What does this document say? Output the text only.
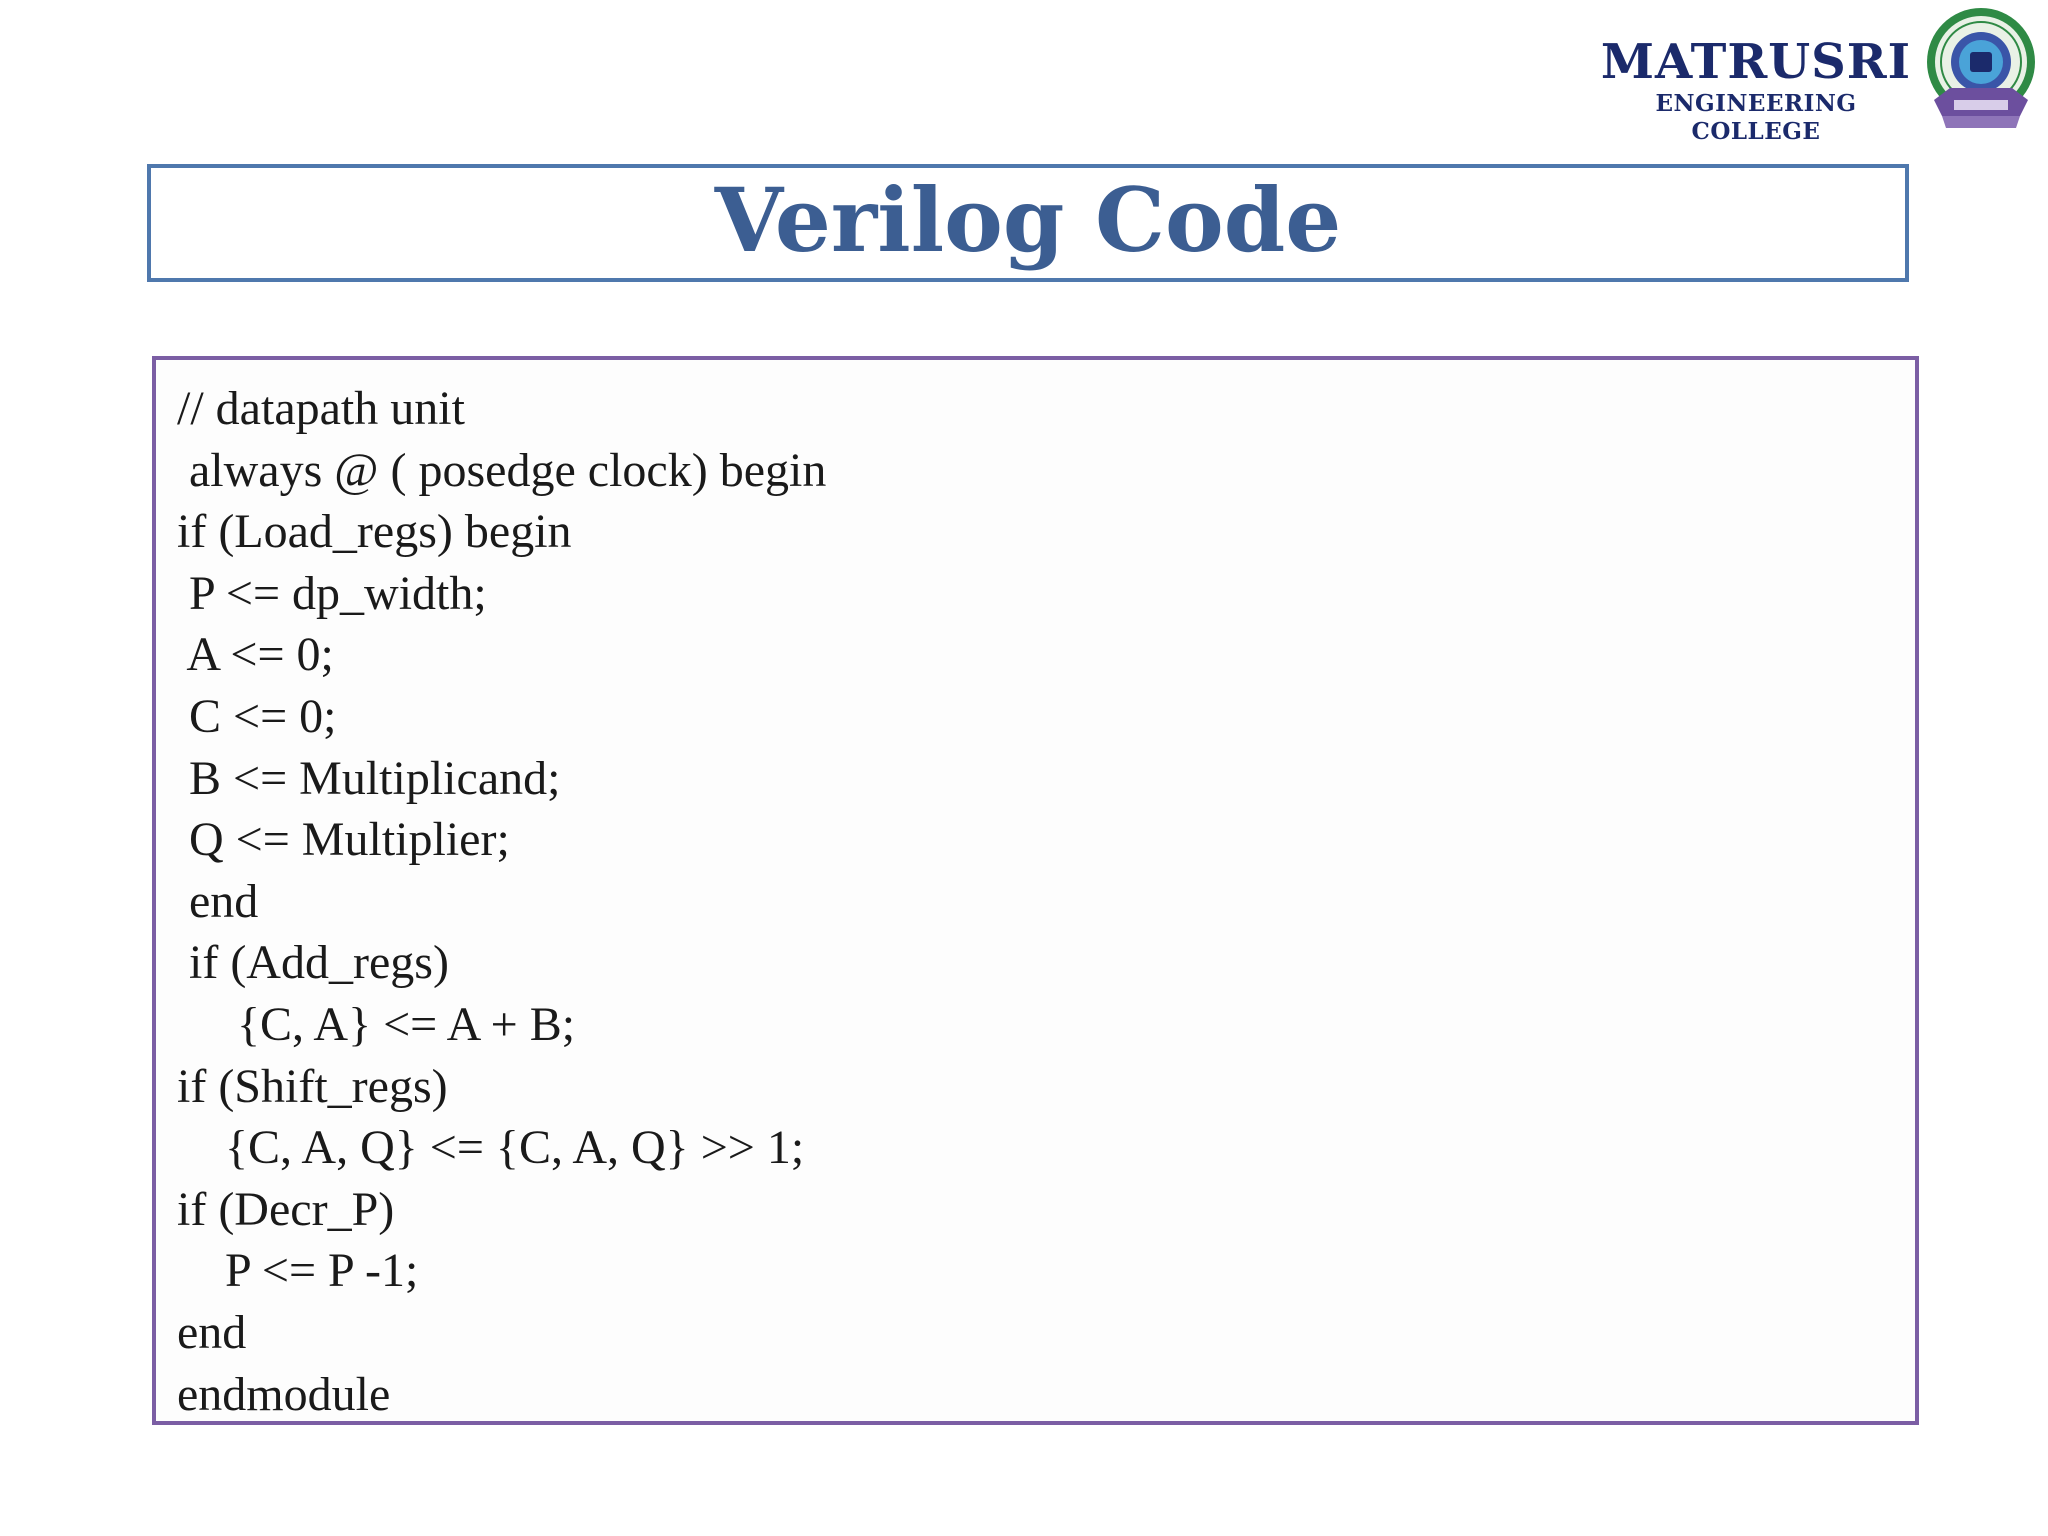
MATRUSRI
ENGINEERING COLLEGE
Verilog Code
// datapath unit
always @ ( posedge clock) begin
if (Load_regs) begin
P <= dp_width;
A <= 0;
C <= 0;
B <= Multiplicand;
Q <= Multiplier;
end
if (Add_regs)
{C, A} <= A + B;
if (Shift_regs)
{C, A, Q} <= {C, A, Q} >> 1;
if (Decr_P)
P <= P -1;
end
endmodule
